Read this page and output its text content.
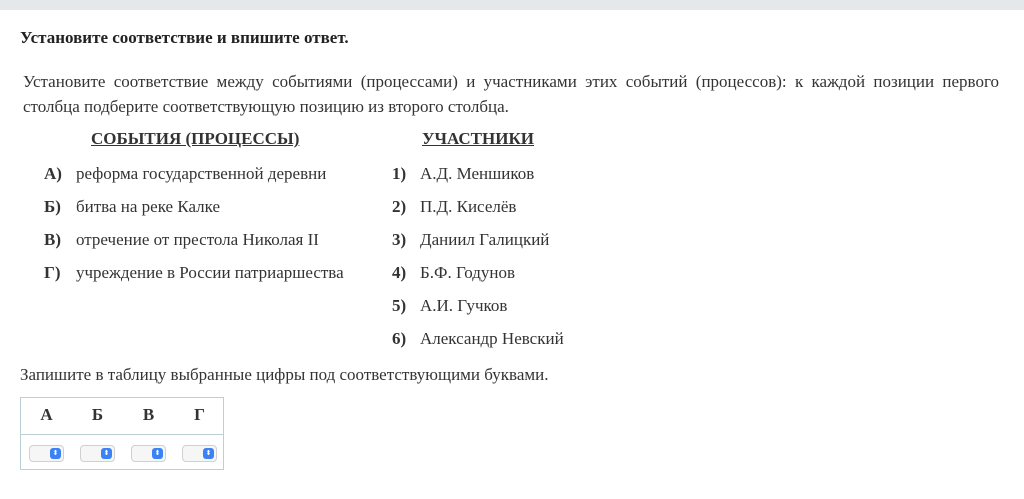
Установите соответствие и впишите ответ.
Установите соответствие между событиями (процессами) и участниками этих событий (процессов): к каждой позиции первого столбца подберите соответствующую позицию из второго столбца.
СОБЫТИЯ (ПРОЦЕССЫ)	УЧАСТНИКИ
А) реформа государственной деревни
Б) битва на реке Калке
В) отречение от престола Николая II
Г) учреждение в России патриаршества
1) А.Д. Меншиков
2) П.Д. Киселёв
3) Даниил Галицкий
4) Б.Ф. Годунов
5) А.И. Гучков
6) Александр Невский
Запишите в таблицу выбранные цифры под соответствующими буквами.
А	Б	В	Г
⬍	⬍	⬍	⬍
